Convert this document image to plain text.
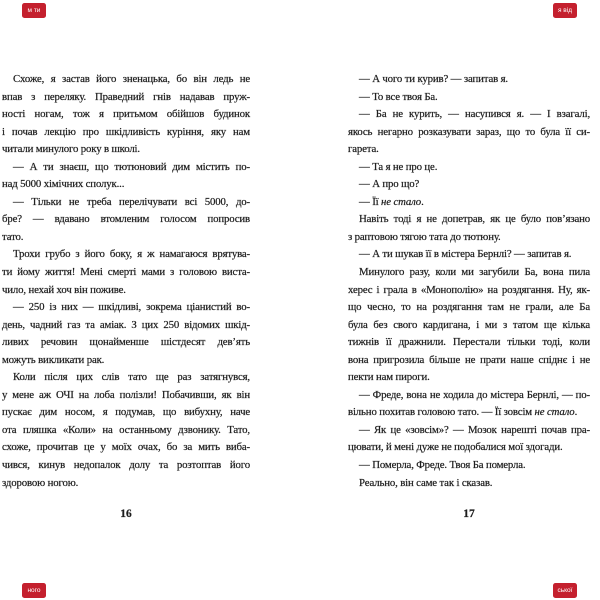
м ти	я від
ного	ської
Схоже, я застав його зненацька, бо він ледь не
впав з переляку. Праведний гнів надавав пруж-
ності ногам, тож я притьмом обійшов будинок
і почав лекцію про шкідливість куріння, яку нам
читали минулого року в школі.
— А ти знаєш, що тютюновий дим містить по-
над 5000 хімічних сполук...
— Тільки не треба перелічувати всі 5000, до-
бре? — вдавано втомленим голосом попросив
тато.
Трохи грубо з його боку, я ж намагаюся врятува-
ти йому життя! Мені смерті мами з головою виста-
чило, нехай хоч він поживе.
— 250 із них — шкідливі, зокрема ціанистий во-
день, чадний газ та аміак. З цих 250 відомих шкід-
ливих речовин щонайменше шістдесят дев’ять
можуть викликати рак.
Коли після цих слів тато ще раз затягнувся,
у мене аж ОЧІ на лоба полізли! Побачивши, як він
пускає дим носом, я подумав, що вибухну, наче
ота пляшка «Коли» на останньому дзвонику. Тато,
схоже, прочитав це у моїх очах, бо за мить виба-
чився, кинув недопалок долу та розтоптав його
здоровою ногою.
— А чого ти курив? — запитав я.
— То все твоя Ба.
— Ба не курить, — насупився я. — І взагалі,
якось негарно розказувати зараз, що то була її си-
гарета.
— Та я не про це.
— А про що?
— Її не стало.
Навіть тоді я не допетрав, як це було пов’язано
з раптовою тягою тата до тютюну.
— А ти шукав її в містера Бернлі? — запитав я.
Минулого разу, коли ми загубили Ба, вона пила
херес і грала в «Монополію» на роздягання. Ну, як-
що чесно, то на роздягання там не грали, але Ба
була без свого кардигана, і ми з татом ще кілька
тижнів її дражнили. Перестали тільки тоді, коли
вона пригрозила більше не прати наше спіднє і не
пекти нам пироги.
— Фреде, вона не ходила до містера Бернлі, — по-
вільно похитав головою тато. — Її зовсім не стало.
— Як це «зовсім»? — Мозок нарешті почав пра-
цювати, й мені дуже не подобалися мої здогади.
— Померла, Фреде. Твоя Ба померла.
Реально, він саме так і сказав.
16	17
